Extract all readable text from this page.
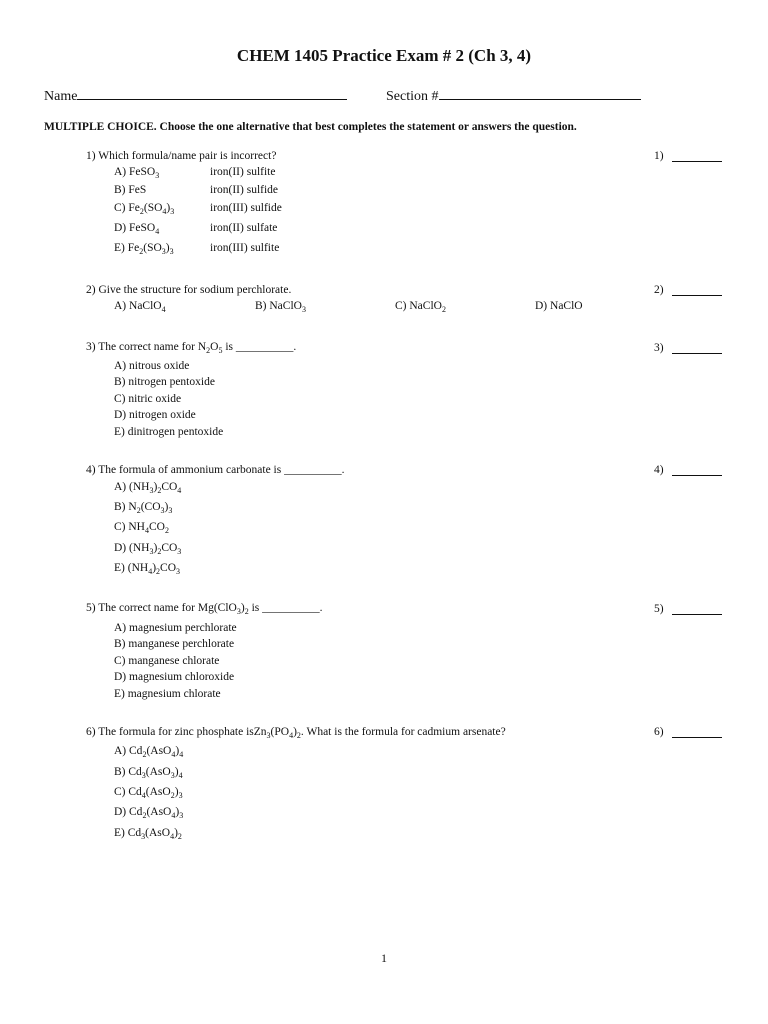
CHEM 1405 Practice Exam # 2 (Ch 3, 4)
Name	Section #
MULTIPLE CHOICE. Choose the one alternative that best completes the statement or answers the question.
1) Which formula/name pair is incorrect?
A) FeSO$_3$	iron(II) sulfite
B) FeS	iron(II) sulfide
C) $Fe_2(SO_4)_3$	iron(III) sulfide
D) FeSO$_4$	iron(II) sulfate
E) $Fe_2(SO_3)_3$	iron(III) sulfite
1)
2) Give the structure for sodium perchlorate.
A) NaClO$_4$	B) NaClO$_3$	C) NaClO$_2$	D) NaClO
2)
3) The correct name for $N_2O_5$ is __________.
A) nitrous oxide
B) nitrogen pentoxide
C) nitric oxide
D) nitrogen oxide
E) dinitrogen pentoxide
3)
4) The formula of ammonium carbonate is __________.
A) $(NH_3)_2CO_4$
B) $N_2(CO_3)_3$
C) $NH_4CO_2$
D) $(NH_3)_2CO_3$
E) $(NH_4)_2CO_3$
4)
5) The correct name for $Mg(ClO_3)_2$ is __________.
A) magnesium perchlorate
B) manganese perchlorate
C) manganese chlorate
D) magnesium chloroxide
E) magnesium chlorate
5)
6) The formula for zinc phosphate $isZn_3(PO_4)_2$. What is the formula for cadmium arsenate?
A) $Cd_2(AsO_4)_4$
B) $Cd_3(AsO_3)_4$
C) $Cd_4(AsO_2)_3$
D) $Cd_2(AsO_4)_3$
E) $Cd_3(AsO_4)_2$
6)
1
